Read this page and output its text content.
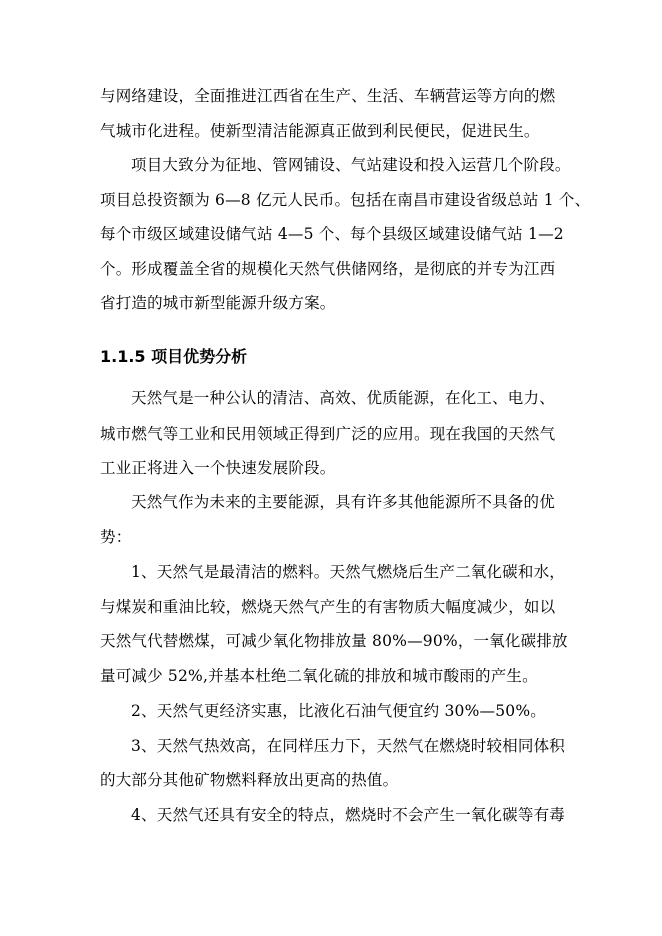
与网络建设，全面推进江西省在生产、生活、车辆营运等方向的燃
气城市化进程。使新型清洁能源真正做到利民便民，促进民生。
项目大致分为征地、管网铺设、气站建设和投入运营几个阶段。
项目总投资额为 6—8 亿元人民币。包括在南昌市建设省级总站 1 个、
每个市级区域建设储气站 4—5 个、每个县级区域建设储气站 1—2
个。形成覆盖全省的规模化天然气供储网络，是彻底的并专为江西
省打造的城市新型能源升级方案。
1.1.5 项目优势分析
天然气是一种公认的清洁、高效、优质能源，在化工、电力、
城市燃气等工业和民用领域正得到广泛的应用。现在我国的天然气
工业正将进入一个快速发展阶段。
天然气作为未来的主要能源，具有许多其他能源所不具备的优
势：
1、天然气是最清洁的燃料。天然气燃烧后生产二氧化碳和水，
与煤炭和重油比较，燃烧天然气产生的有害物质大幅度减少，如以
天然气代替燃煤，可减少氧化物排放量 80%—90%，一氧化碳排放
量可减少 52%,并基本杜绝二氧化硫的排放和城市酸雨的产生。
2、天然气更经济实惠，比液化石油气便宜约 30%—50%。
3、天然气热效高，在同样压力下，天然气在燃烧时较相同体积
的大部分其他矿物燃料释放出更高的热值。
4、天然气还具有安全的特点，燃烧时不会产生一氧化碳等有毒
